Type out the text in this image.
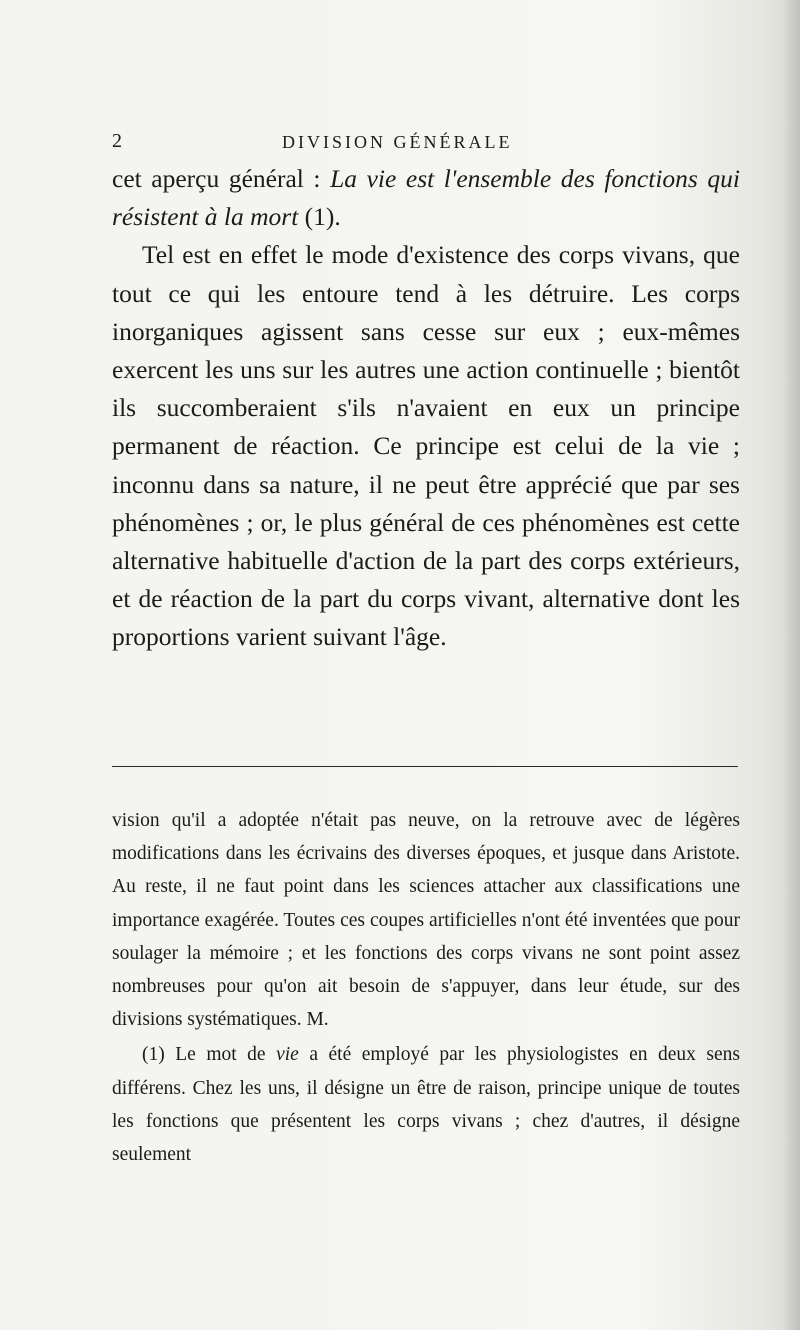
2	DIVISION GÉNÉRALE

cet aperçu général : La vie est l'ensemble des fonctions qui résistent à la mort (1).

Tel est en effet le mode d'existence des corps vivans, que tout ce qui les entoure tend à les détruire. Les corps inorganiques agissent sans cesse sur eux ; eux-mêmes exercent les uns sur les autres une action continuelle ; bientôt ils succomberaient s'ils n'avaient en eux un principe permanent de réaction. Ce principe est celui de la vie ; inconnu dans sa nature, il ne peut être apprécié que par ses phénomènes ; or, le plus général de ces phénomènes est cette alternative habituelle d'action de la part des corps extérieurs, et de réaction de la part du corps vivant, alternative dont les proportions varient suivant l'âge.

vision qu'il a adoptée n'était pas neuve, on la retrouve avec de légères modifications dans les écrivains des diverses époques, et jusque dans Aristote. Au reste, il ne faut point dans les sciences attacher aux classifications une importance exagérée. Toutes ces coupes artificielles n'ont été inventées que pour soulager la mémoire ; et les fonctions des corps vivans ne sont point assez nombreuses pour qu'on ait besoin de s'appuyer, dans leur étude, sur des divisions systématiques. M.

(1) Le mot de vie a été employé par les physiologistes en deux sens différens. Chez les uns, il désigne un être de raison, principe unique de toutes les fonctions que présentent les corps vivans ; chez d'autres, il désigne seulement
